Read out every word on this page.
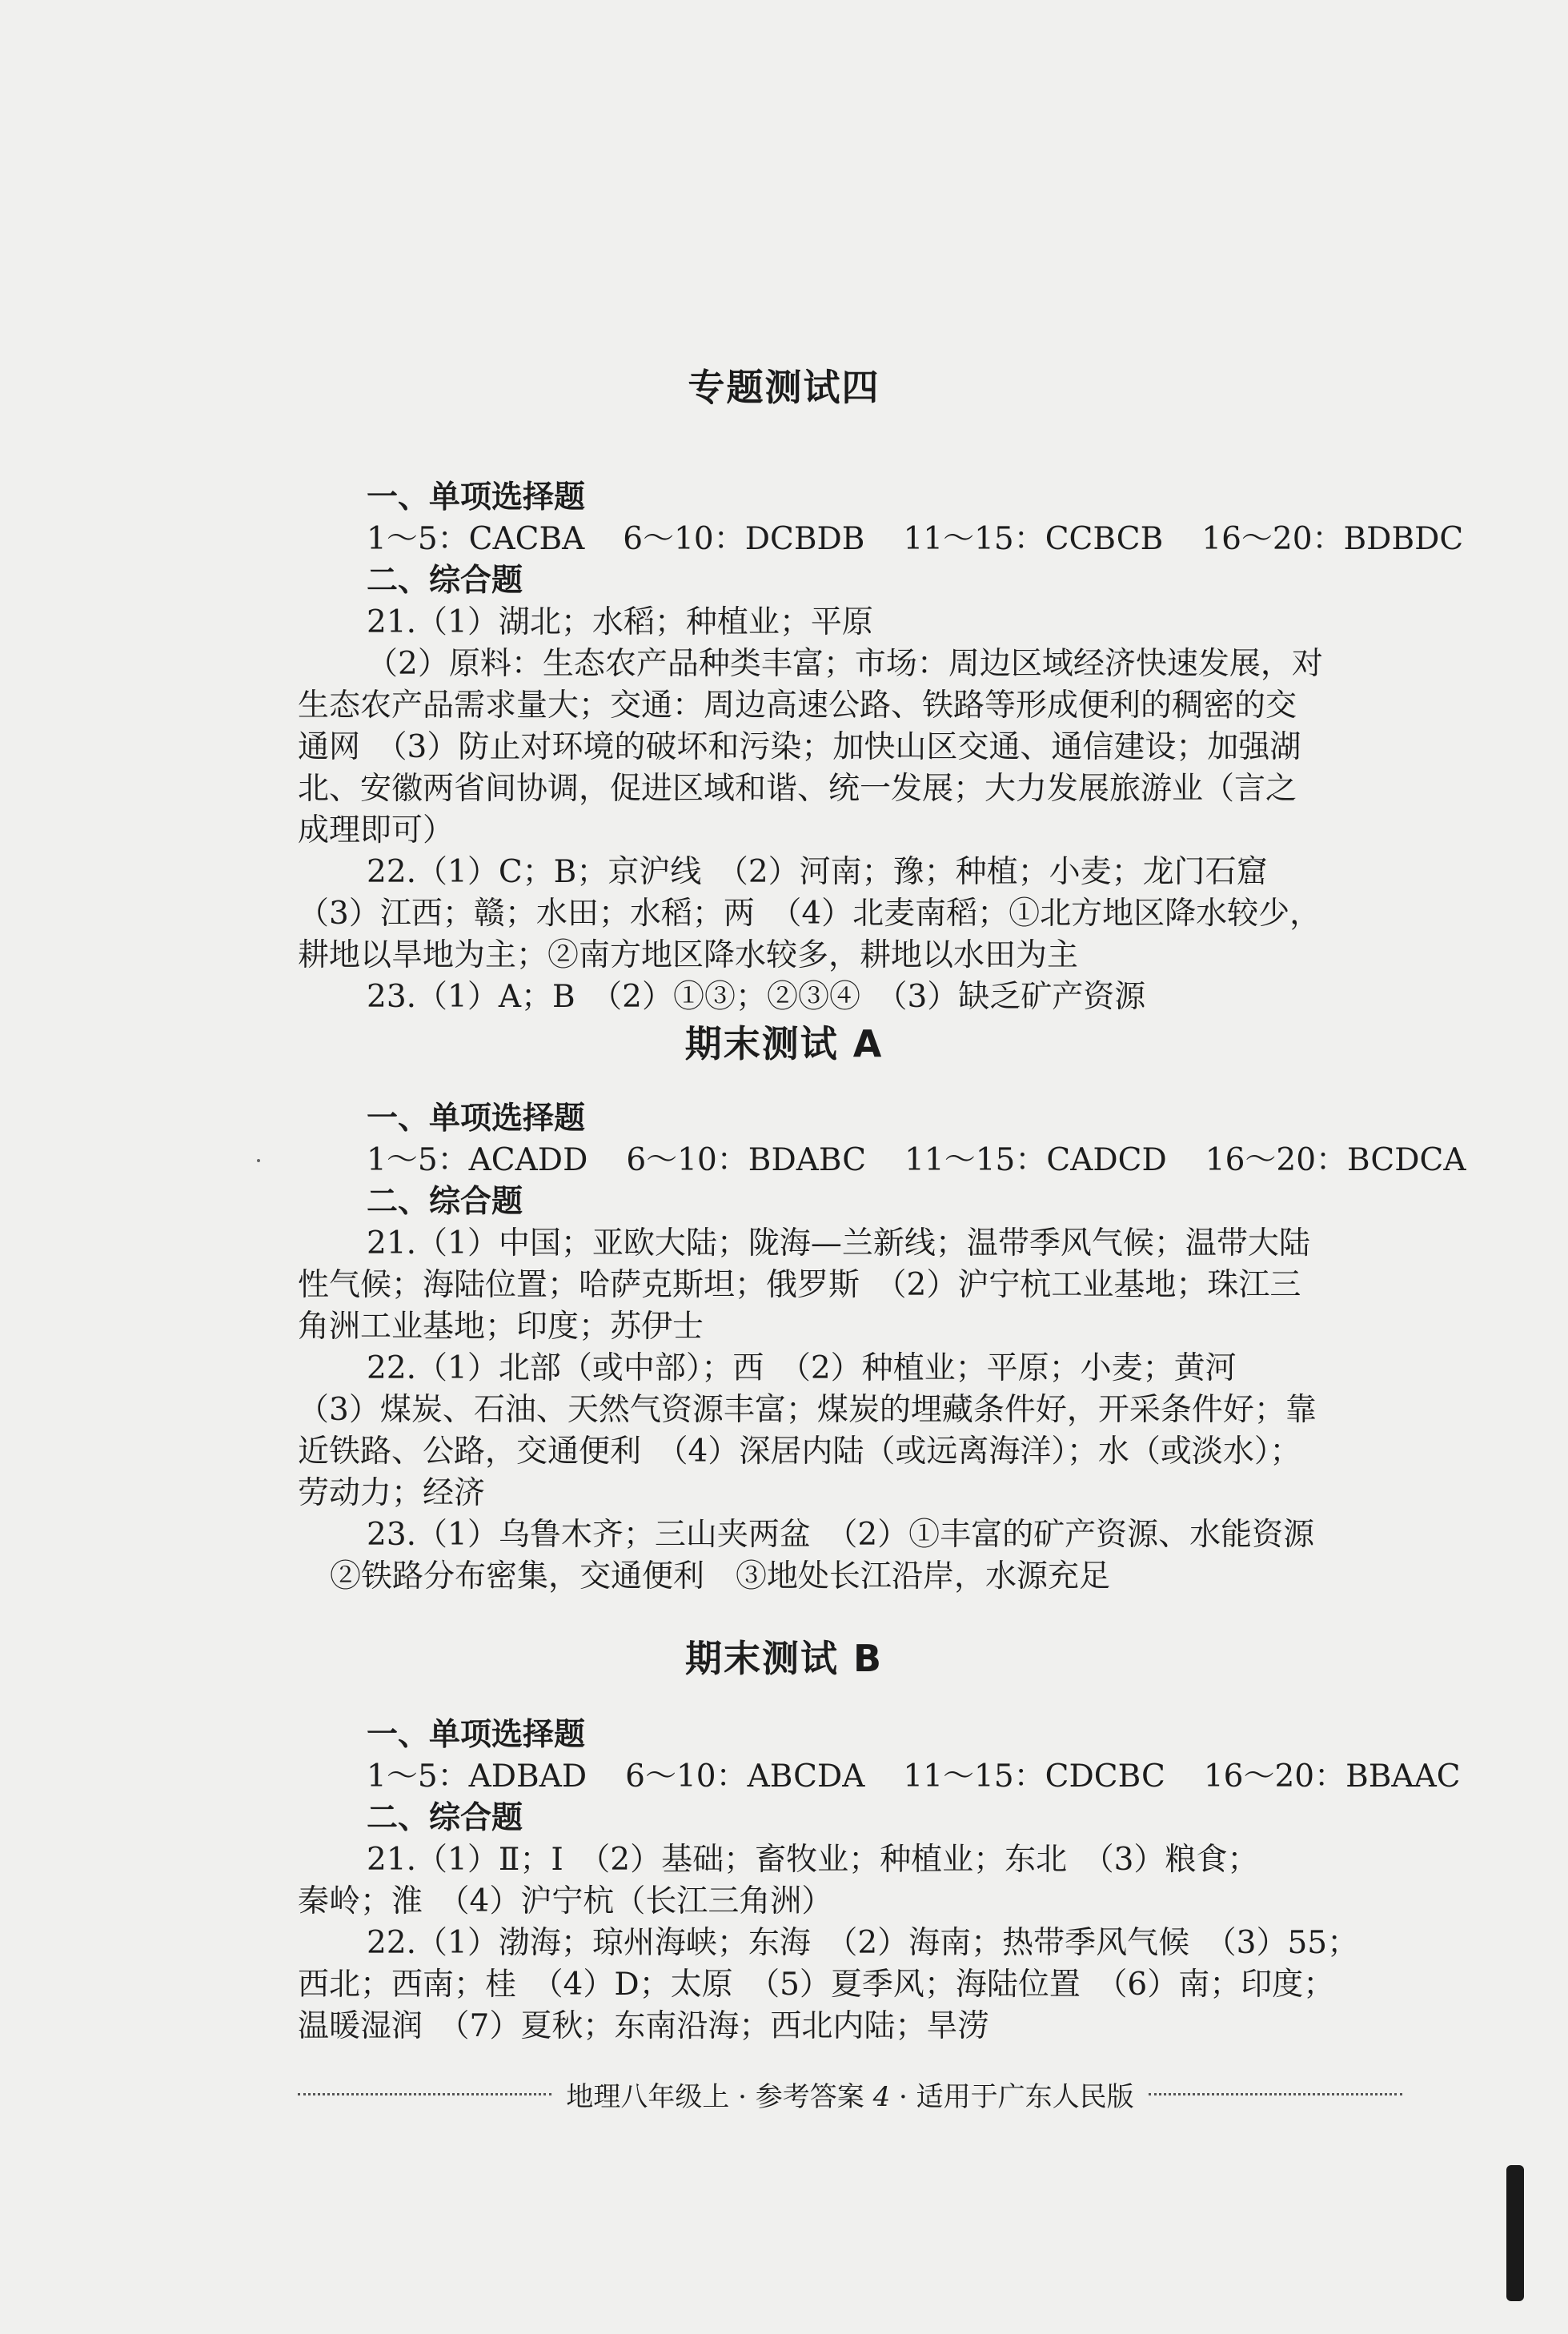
专题测试四
一、单项选择题
1～5：CACBA 6～10：DCBDB 11～15：CCBCB 16～20：BDBDC
二、综合题
21.（1）湖北；水稻；种植业；平原
（2）原料：生态农产品种类丰富；市场：周边区域经济快速发展，对
生态农产品需求量大；交通：周边高速公路、铁路等形成便利的稠密的交
通网　（3）防止对环境的破坏和污染；加快山区交通、通信建设；加强湖
北、安徽两省间协调，促进区域和谐、统一发展；大力发展旅游业（言之
成理即可）
22.（1）C；B；京沪线　（2）河南；豫；种植；小麦；龙门石窟
（3）江西；赣；水田；水稻；两　（4）北麦南稻；①北方地区降水较少，
耕地以旱地为主；②南方地区降水较多，耕地以水田为主
23.（1）A；B　（2）①③；②③④　（3）缺乏矿产资源
期末测试 A
一、单项选择题
1～5：ACADD 6～10：BDABC 11～15：CADCD 16～20：BCDCA
二、综合题
21.（1）中国；亚欧大陆；陇海—兰新线；温带季风气候；温带大陆
性气候；海陆位置；哈萨克斯坦；俄罗斯　（2）沪宁杭工业基地；珠江三
角洲工业基地；印度；苏伊士
22.（1）北部（或中部）；西　（2）种植业；平原；小麦；黄河
（3）煤炭、石油、天然气资源丰富；煤炭的埋藏条件好，开采条件好；靠
近铁路、公路，交通便利　（4）深居内陆（或远离海洋）；水（或淡水）；
劳动力；经济
23.（1）乌鲁木齐；三山夹两盆　（2）①丰富的矿产资源、水能资源
②铁路分布密集，交通便利　③地处长江沿岸，水源充足
期末测试 B
一、单项选择题
1～5：ADBAD 6～10：ABCDA 11～15：CDCBC 16～20：BBAAC
二、综合题
21.（1）Ⅱ；Ⅰ　（2）基础；畜牧业；种植业；东北　（3）粮食；
秦岭；淮　（4）沪宁杭（长江三角洲）
22.（1）渤海；琼州海峡；东海　（2）海南；热带季风气候　（3）55；
西北；西南；桂　（4）D；太原　（5）夏季风；海陆位置　（6）南；印度；
温暖湿润　（7）夏秋；东南沿海；西北内陆；旱涝
地理八年级上 · 参考答案 4 · 适用于广东人民版
